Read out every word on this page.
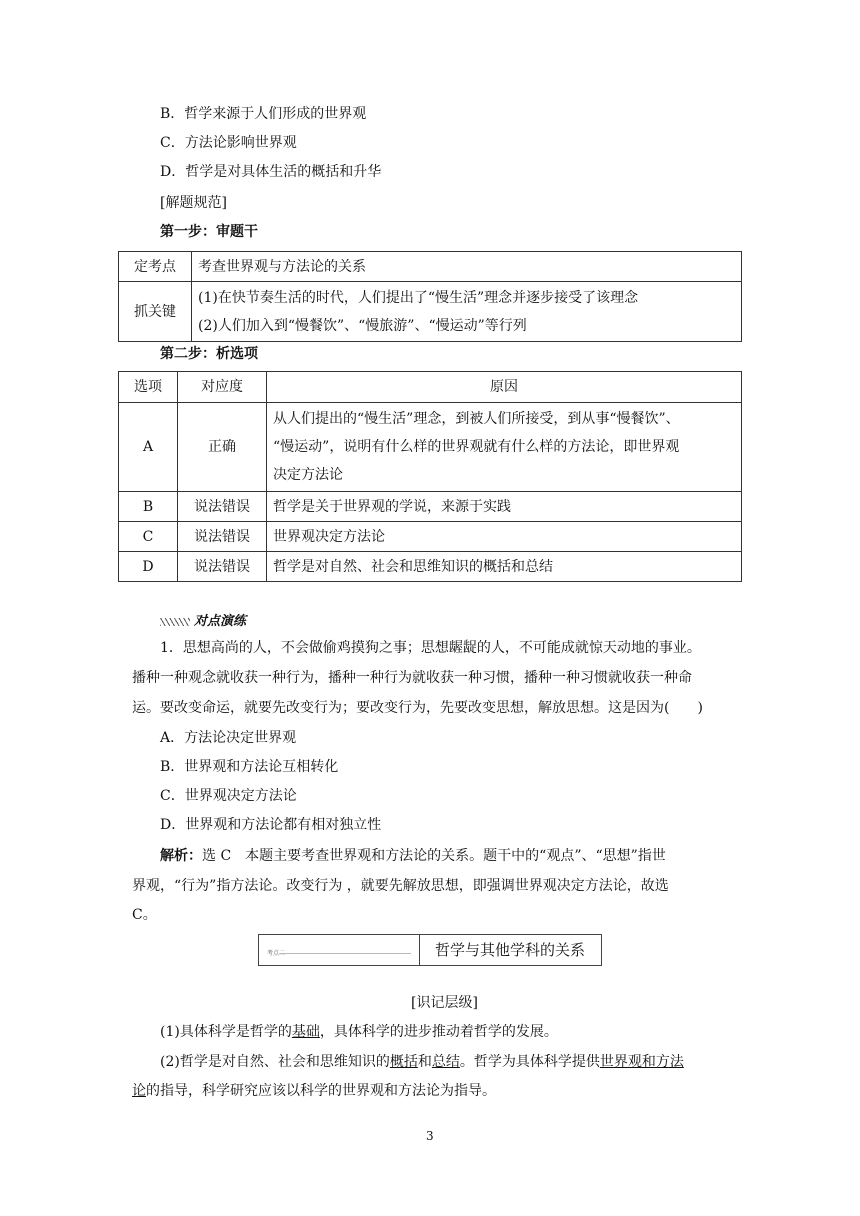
B．哲学来源于人们形成的世界观
C．方法论影响世界观
D．哲学是对具体生活的概括和升华
[解题规范]
第一步：审题干
定考点	考查世界观与方法论的关系
抓关键	(1)在快节奏生活的时代，人们提出了“慢生活”理念并逐步接受了该理念
(2)人们加入到“慢餐饮”、“慢旅游”、“慢运动”等行列
第二步：析选项
选项	对应度	原因
A	正确	从人们提出的“慢生活”理念，到被人们所接受，到从事“慢餐饮”、
“慢运动”，说明有什么样的世界观就有什么样的方法论，即世界观
决定方法论

B	说法错误	哲学是关于世界观的学说，来源于实践
C	说法错误	世界观决定方法论
D	说法错误	哲学是对自然、社会和思维知识的概括和总结
对点演练
1．思想高尚的人，不会做偷鸡摸狗之事；思想龌龊的人，不可能成就惊天动地的事业。
播种一种观念就收获一种行为，播种一种行为就收获一种习惯，播种一种习惯就收获一种命
运。要改变命运，就要先改变行为；要改变行为，先要改变思想，解放思想。这是因为(　　)
A．方法论决定世界观
B．世界观和方法论互相转化
C．世界观决定方法论
D．世界观和方法论都有相对独立性
解析：选 C　本题主要考查世界观和方法论的关系。题干中的“观点”、“思想”指世
界观，“行为”指方法论。改变行为 ，就要先解放思想，即强调世界观决定方法论，故选
C。
考点二	哲学与其他学科的关系
[识记层级]
(1)具体科学是哲学的基础，具体科学的进步推动着哲学的发展。
(2)哲学是对自然、社会和思维知识的概括和总结。哲学为具体科学提供世界观和方法
论的指导，科学研究应该以科学的世界观和方法论为指导。
3
